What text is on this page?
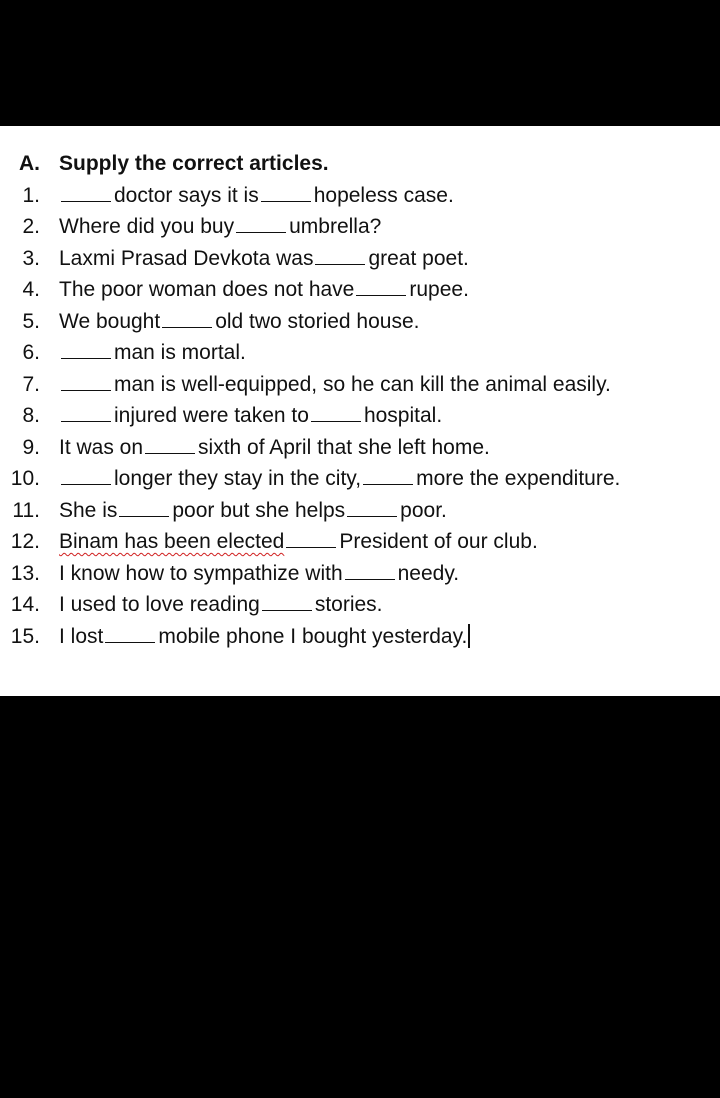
A. Supply the correct articles.
1.	doctor says it is	hopeless case.
2. Where did you buy	umbrella?
3. Laxmi Prasad Devkota was	great poet.
4. The poor woman does not have	rupee.
5. We bought	old two storied house.
6.	man is mortal.
7.	man is well-equipped, so he can kill the animal easily.
8.	injured were taken to	hospital.
9. It was on	sixth of April that she left home.
10.	longer they stay in the city,	more the expenditure.
11. She is	poor but she helps	poor.
12. Binam has been elected	President of our club.
13. I know how to sympathize with	needy.
14. I used to love reading	stories.
15. I lost	mobile phone I bought yesterday.
